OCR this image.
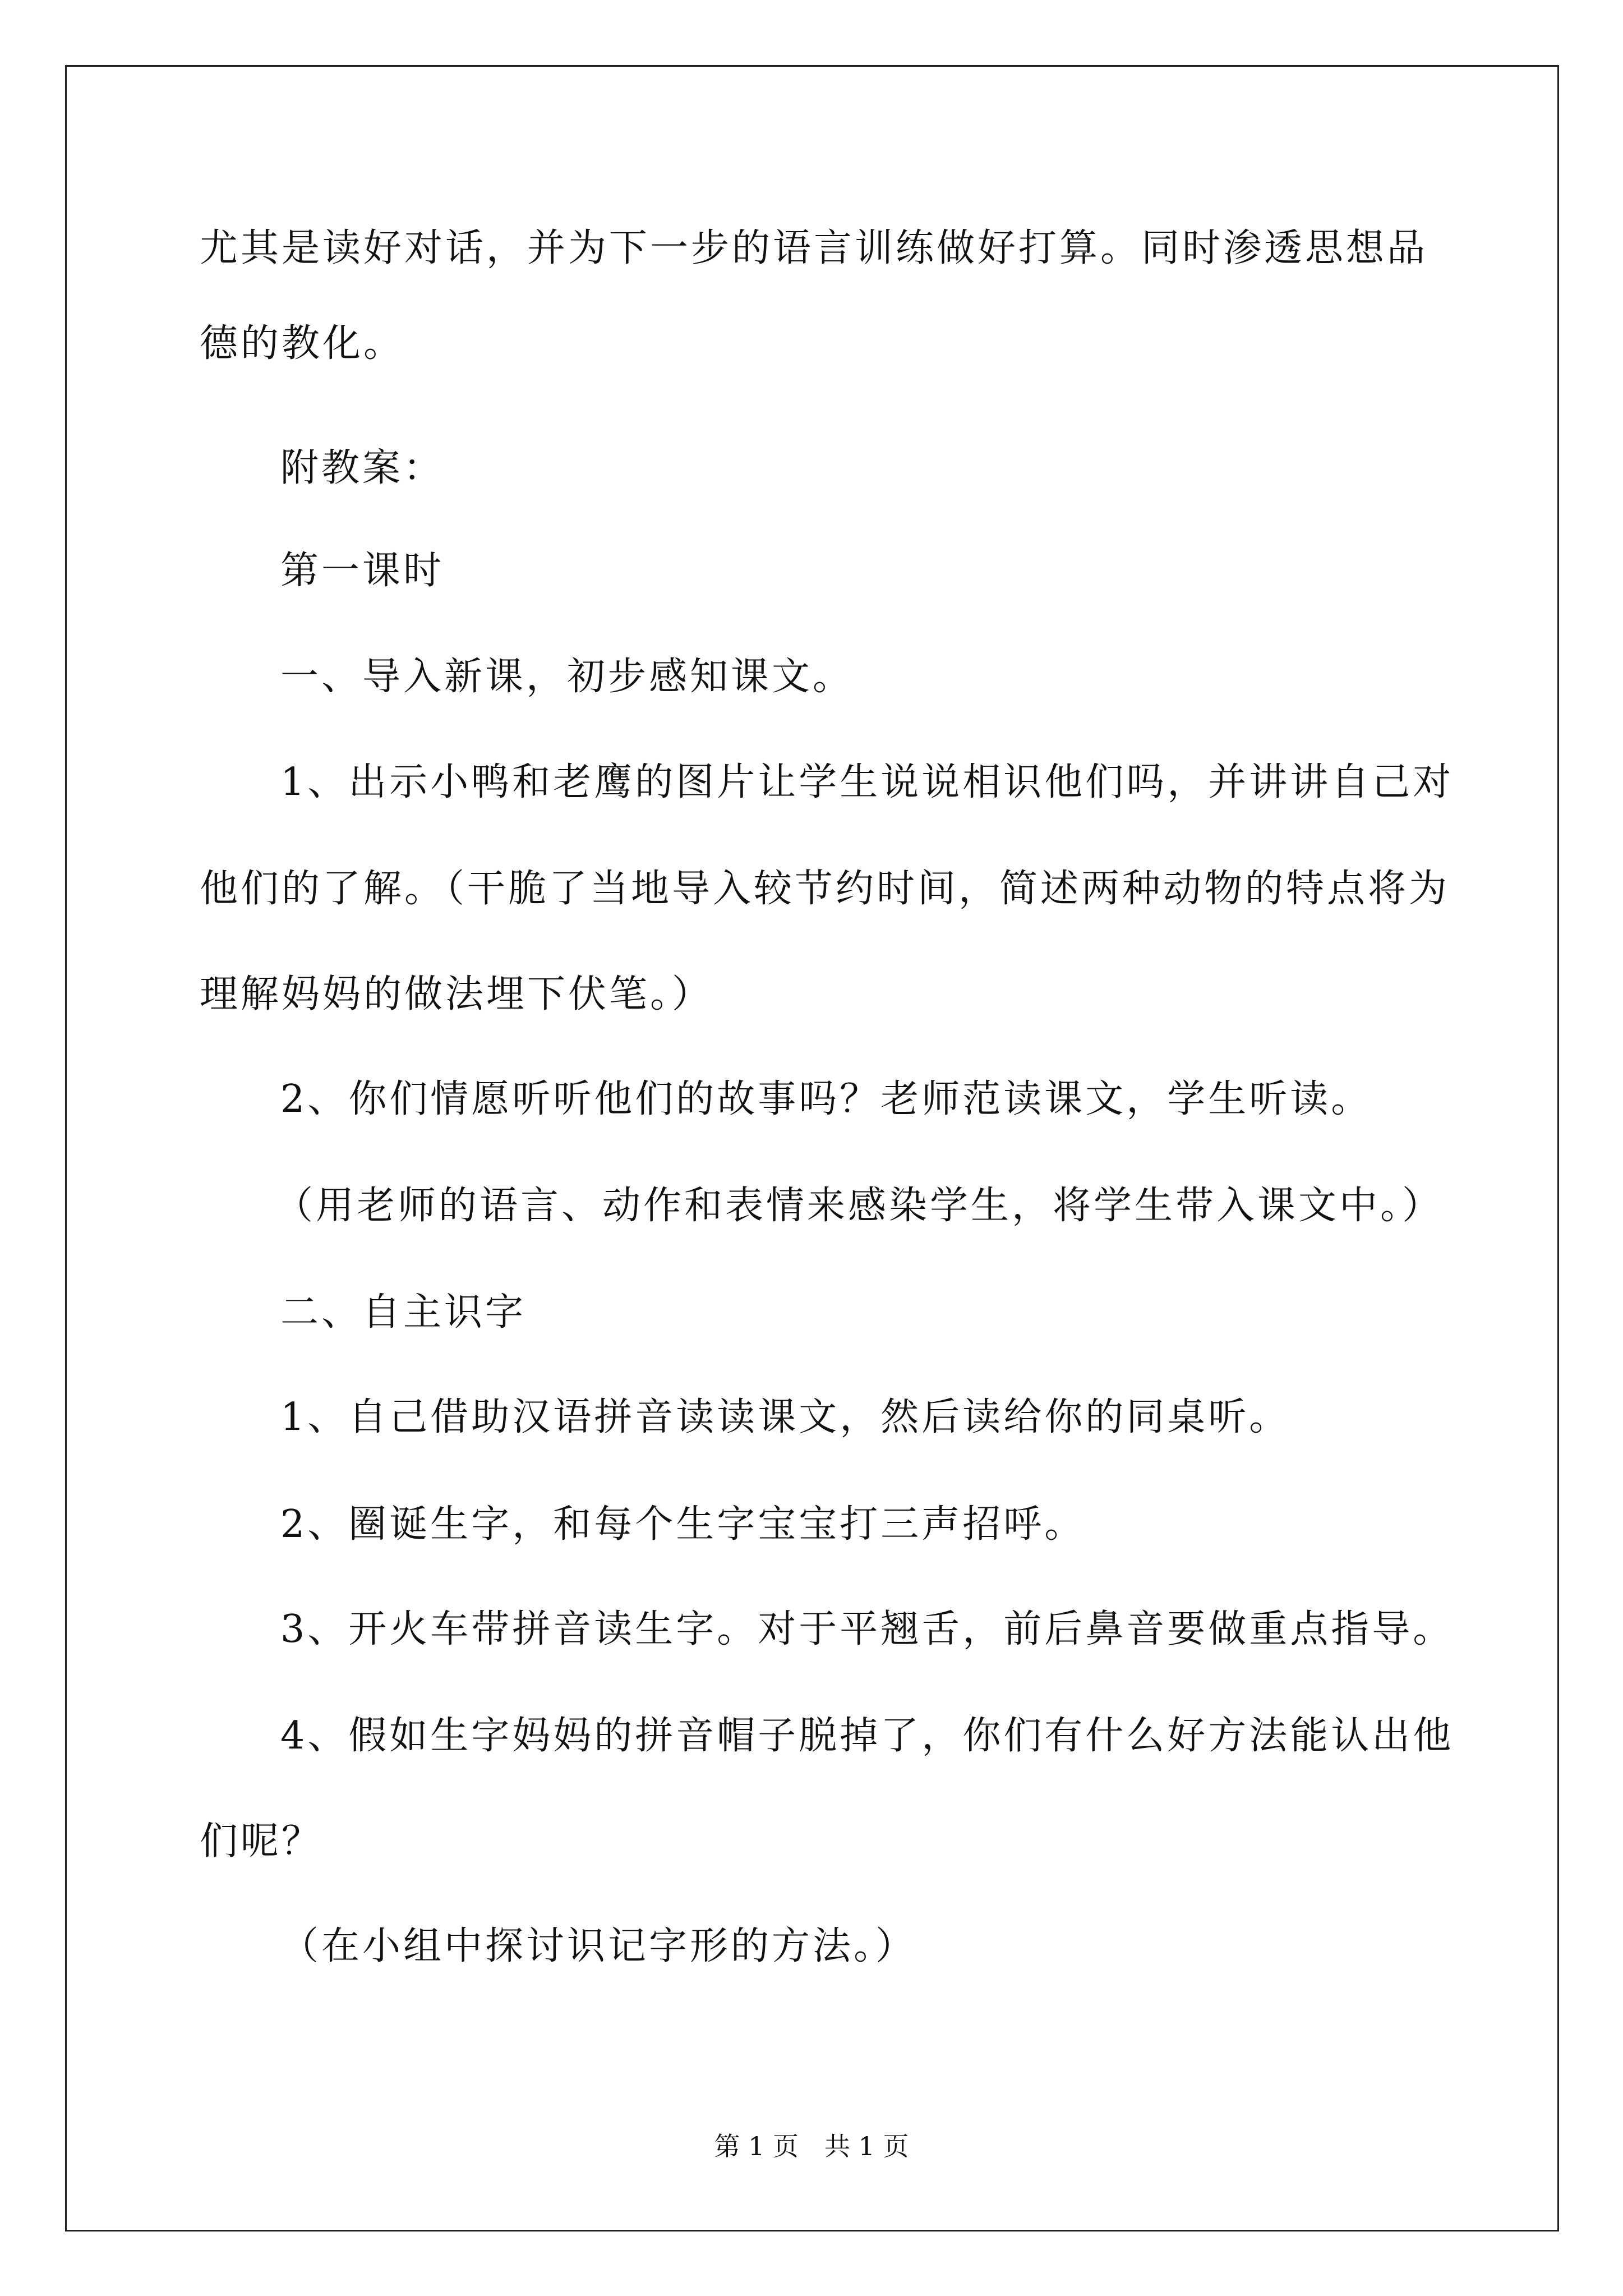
尤其是读好对话，并为下一步的语言训练做好打算。同时渗透思想品
德的教化。
附教案：
第一课时
一、导入新课，初步感知课文。
1、出示小鸭和老鹰的图片让学生说说相识他们吗，并讲讲自己对
他们的了解。（干脆了当地导入较节约时间，简述两种动物的特点将为
理解妈妈的做法埋下伏笔。）
2、你们情愿听听他们的故事吗？老师范读课文，学生听读。
（用老师的语言、动作和表情来感染学生，将学生带入课文中。）
二、自主识字
1、自己借助汉语拼音读读课文，然后读给你的同桌听。
2、圈诞生字，和每个生字宝宝打三声招呼。
3、开火车带拼音读生字。对于平翘舌，前后鼻音要做重点指导。
4、假如生字妈妈的拼音帽子脱掉了，你们有什么好方法能认出他
们呢？
（在小组中探讨识记字形的方法。）
第 1 页　共 1 页
